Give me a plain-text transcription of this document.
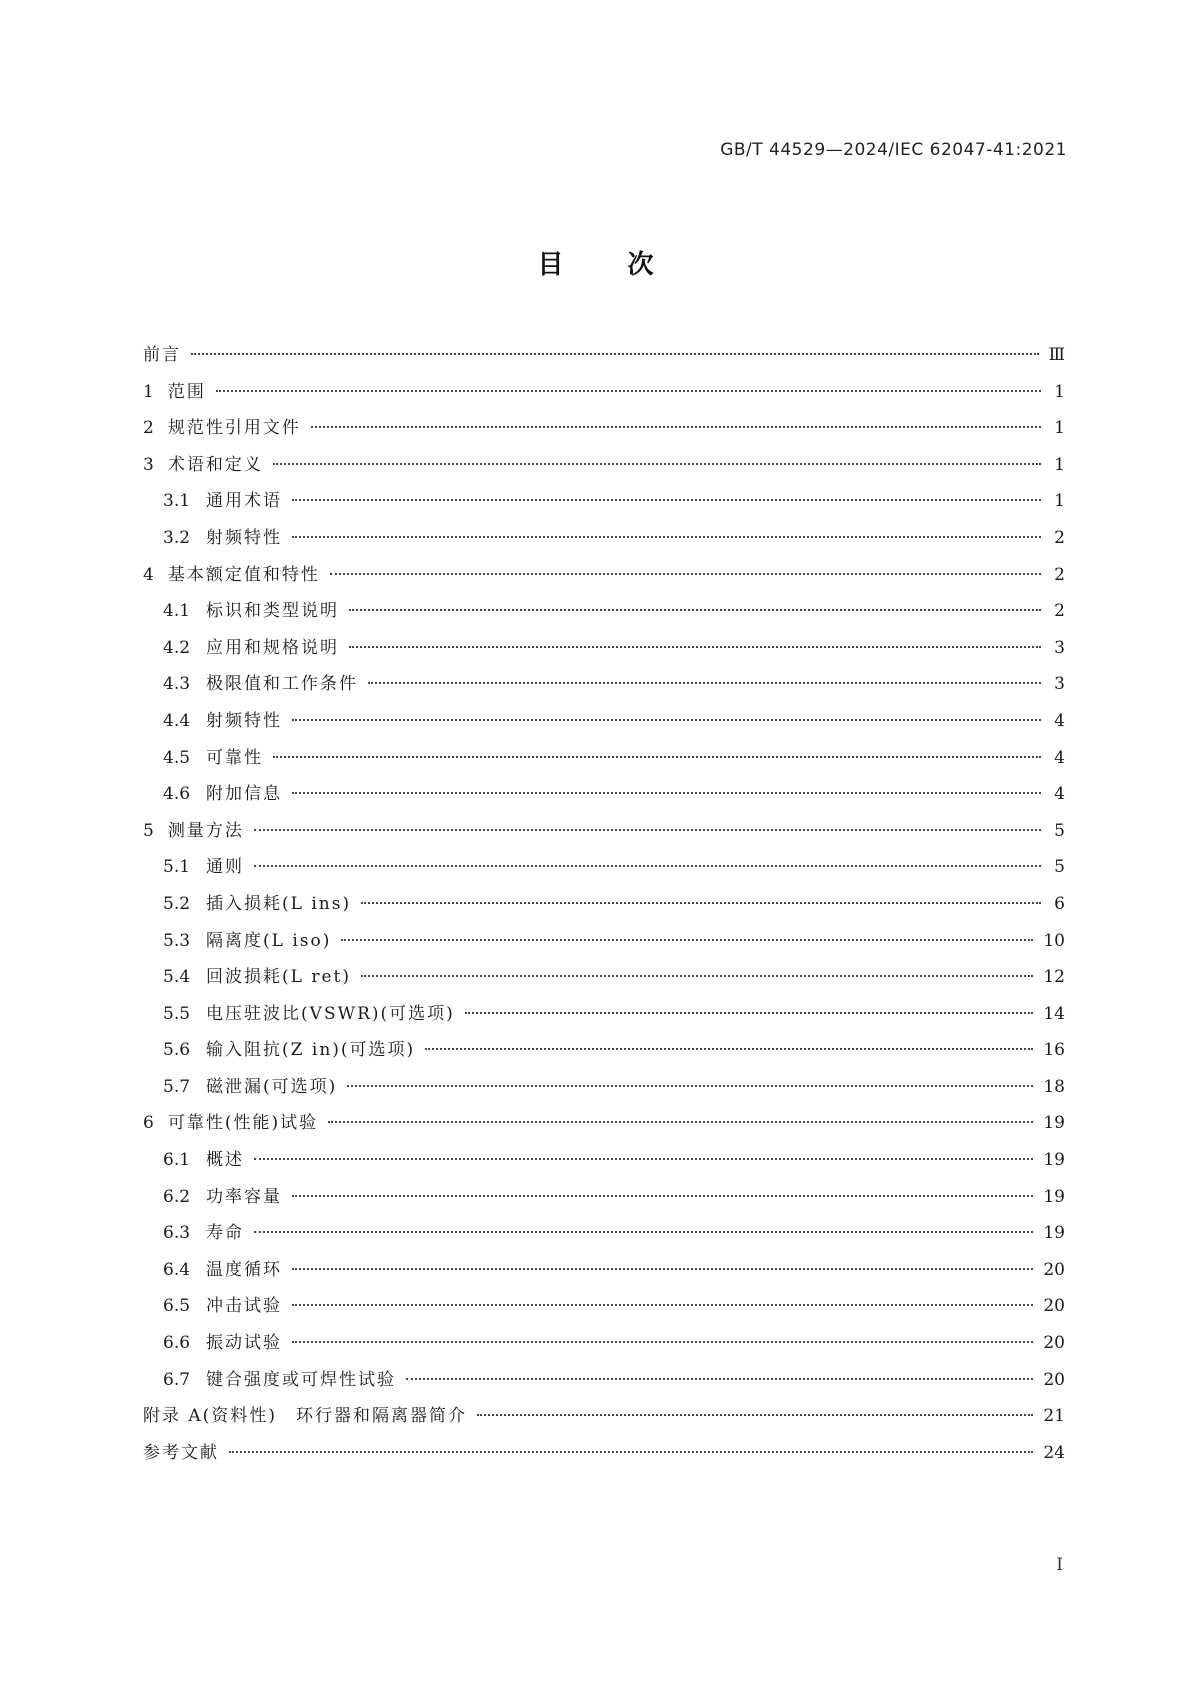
GB/T 44529—2024/IEC 62047-41:2021
目次
前言	Ⅲ
1 范围	1
2 规范性引用文件	1
3 术语和定义	1
3.1 通用术语	1
3.2 射频特性	2
4 基本额定值和特性	2
4.1 标识和类型说明	2
4.2 应用和规格说明	3
4.3 极限值和工作条件	3
4.4 射频特性	4
4.5 可靠性	4
4.6 附加信息	4
5 测量方法	5
5.1 通则	5
5.2 插入损耗(L ins)	6
5.3 隔离度(L iso)	10
5.4 回波损耗(L ret)	12
5.5 电压驻波比(VSWR)(可选项)	14
5.6 输入阻抗(Z in)(可选项)	16
5.7 磁泄漏(可选项)	18
6 可靠性(性能)试验	19
6.1 概述	19
6.2 功率容量	19
6.3 寿命	19
6.4 温度循环	20
6.5 冲击试验	20
6.6 振动试验	20
6.7 键合强度或可焊性试验	20
附录 A(资料性)　环行器和隔离器简介	21
参考文献	24
Ⅰ
